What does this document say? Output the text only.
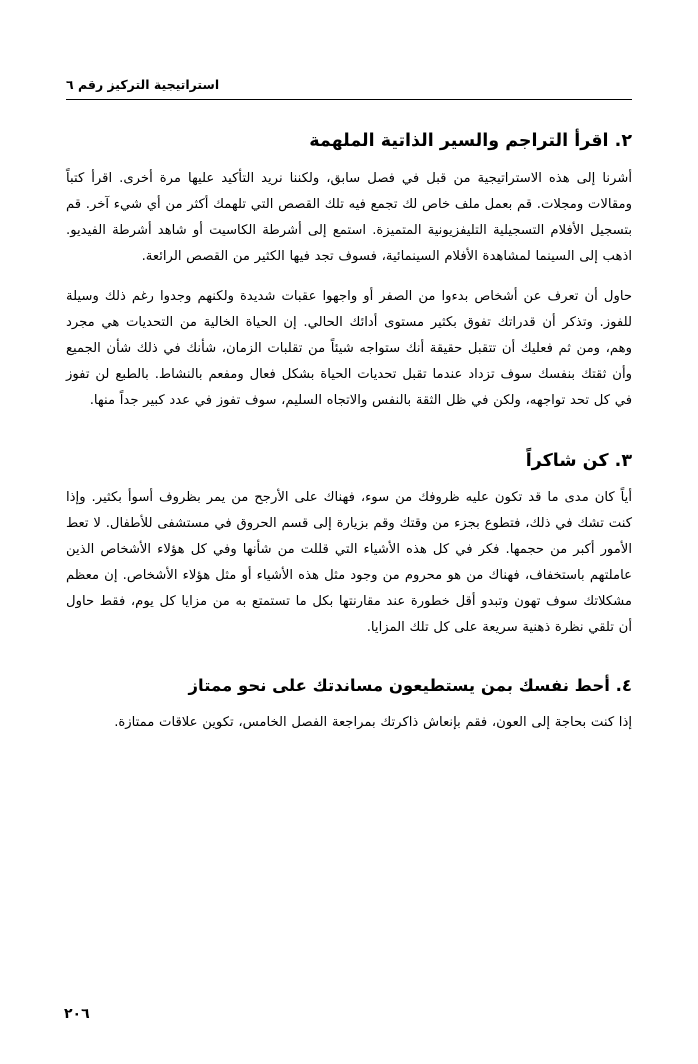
استراتيجية التركيز رقم ٦
٢. اقرأ التراجم والسير الذاتية الملهمة

أشرنا إلى هذه الاستراتيجية من قبل في فصل سابق، ولكننا نريد التأكيد عليها مرة أخرى. اقرأ كتباً ومقالات ومجلات. قم بعمل ملف خاص لك تجمع فيه تلك القصص التي تلهمك أكثر من أي شيء آخر. قم بتسجيل الأفلام التسجيلية التليفزيونية المتميزة. استمع إلى أشرطة الكاسيت أو شاهد أشرطة الفيديو. اذهب إلى السينما لمشاهدة الأفلام السينمائية، فسوف تجد فيها الكثير من القصص الرائعة.

حاول أن تعرف عن أشخاص بدءوا من الصفر أو واجهوا عقبات شديدة ولكنهم وجدوا رغم ذلك وسيلة للفوز. وتذكر أن قدراتك تفوق بكثير مستوى أدائك الحالي. إن الحياة الخالية من التحديات هي مجرد وهم، ومن ثم فعليك أن تتقبل حقيقة أنك ستواجه شيئاً من تقلبات الزمان، شأنك في ذلك شأن الجميع وأن ثقتك بنفسك سوف تزداد عندما تقبل تحديات الحياة بشكل فعال ومفعم بالنشاط. بالطبع لن تفوز في كل تحد تواجهه، ولكن في ظل الثقة بالنفس والاتجاه السليم، سوف تفوز في عدد كبير جداً منها.

٣. كن شاكراً

أياً كان مدى ما قد تكون عليه ظروفك من سوء، فهناك على الأرجح من يمر بظروف أسوأ بكثير. وإذا كنت تشك في ذلك، فتطوع بجزء من وقتك وقم بزيارة إلى قسم الحروق في مستشفى للأطفال. لا تعط الأمور أكبر من حجمها. فكر في كل هذه الأشياء التي قللت من شأنها وفي كل هؤلاء الأشخاص الذين عاملتهم باستخفاف، فهناك من هو محروم من وجود مثل هذه الأشياء أو مثل هؤلاء الأشخاص. إن معظم مشكلاتك سوف تهون وتبدو أقل خطورة عند مقارنتها بكل ما تستمتع به من مزايا كل يوم، فقط حاول أن تلقي نظرة ذهنية سريعة على كل تلك المزايا.

٤. أحط نفسك بمن يستطيعون مساندتك على نحو ممتاز

إذا كنت بحاجة إلى العون، فقم بإنعاش ذاكرتك بمراجعة الفصل الخامس، تكوين علاقات ممتازة.

٢٠٦
